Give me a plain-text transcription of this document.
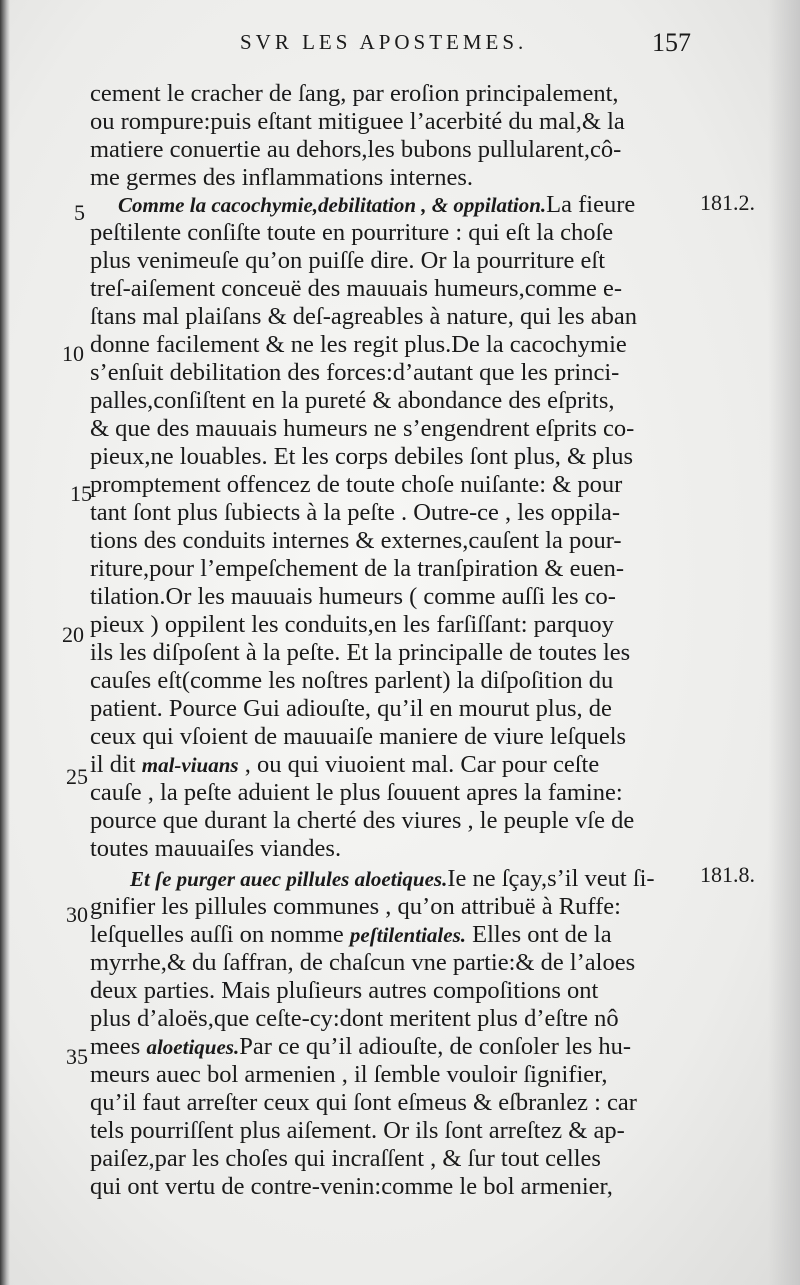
SVR LES APOSTEMES.	157

cement le cracher de ſang, par eroſion principalement,

ou rompure:puis eſtant mitiguee l’acerbité du mal,& la

matiere conuertie au dehors,les bubons pullularent,cô-

me germes des inflammations internes.

Comme la cacochymie,debilitation , & oppilation.La fieure

peſtilente conſiſte toute en pourriture : qui eſt la choſe

plus venimeuſe qu’on puiſſe dire. Or la pourriture eſt

treſ-aiſement conceuë des mauuais humeurs,comme e-

ſtans mal plaiſans & deſ-agreables à nature, qui les aban

donne facilement & ne les regit plus.De la cacochymie

s’enſuit debilitation des forces:d’autant que les princi-

palles,conſiſtent en la pureté & abondance des eſprits,

& que des mauuais humeurs ne s’engendrent eſprits co-

pieux,ne louables. Et les corps debiles ſont plus, & plus

promptement offencez de toute choſe nuiſante: & pour

tant ſont plus ſubiects à la peſte . Outre-ce , les oppila-

tions des conduits internes & externes,cauſent la pour-

riture,pour l’empeſchement de la tranſpiration & euen-

tilation.Or les mauuais humeurs ( comme auſſi les co-

pieux ) oppilent les conduits,en les farſiſſant: parquoy

ils les diſpoſent à la peſte. Et la principalle de toutes les

cauſes eſt(comme les noſtres parlent) la diſpoſition du

patient. Pource Gui adiouſte, qu’il en mourut plus, de

ceux qui vſoient de mauuaiſe maniere de viure leſquels

il dit mal-viuans , ou qui viuoient mal. Car pour ceſte

cauſe , la peſte aduient le plus ſouuent apres la famine:

pource que durant la cherté des viures , le peuple vſe de

toutes mauuaiſes viandes.

Et ſe purger auec pillules aloetiques.Ie ne ſçay,s’il veut ſi-

gnifier les pillules communes , qu’on attribuë à Ruffe:

leſquelles auſſi on nomme peſtilentiales. Elles ont de la

myrrhe,& du ſaffran, de chaſcun vne partie:& de l’aloes

deux parties. Mais pluſieurs autres compoſitions ont

plus d’aloës,que ceſte-cy:dont meritent plus d’eſtre nô

mees aloetiques.Par ce qu’il adiouſte, de conſoler les hu-

meurs auec bol armenien , il ſemble vouloir ſignifier,

qu’il faut arreſter ceux qui ſont eſmeus & eſbranlez : car

tels pourriſſent plus aiſement. Or ils ſont arreſtez & ap-

paiſez,par les choſes qui incraſſent , & ſur tout celles

qui ont vertu de contre-venin:comme le bol armenier,

5
10
15
20
25
30
35
181.2.
181.8.
